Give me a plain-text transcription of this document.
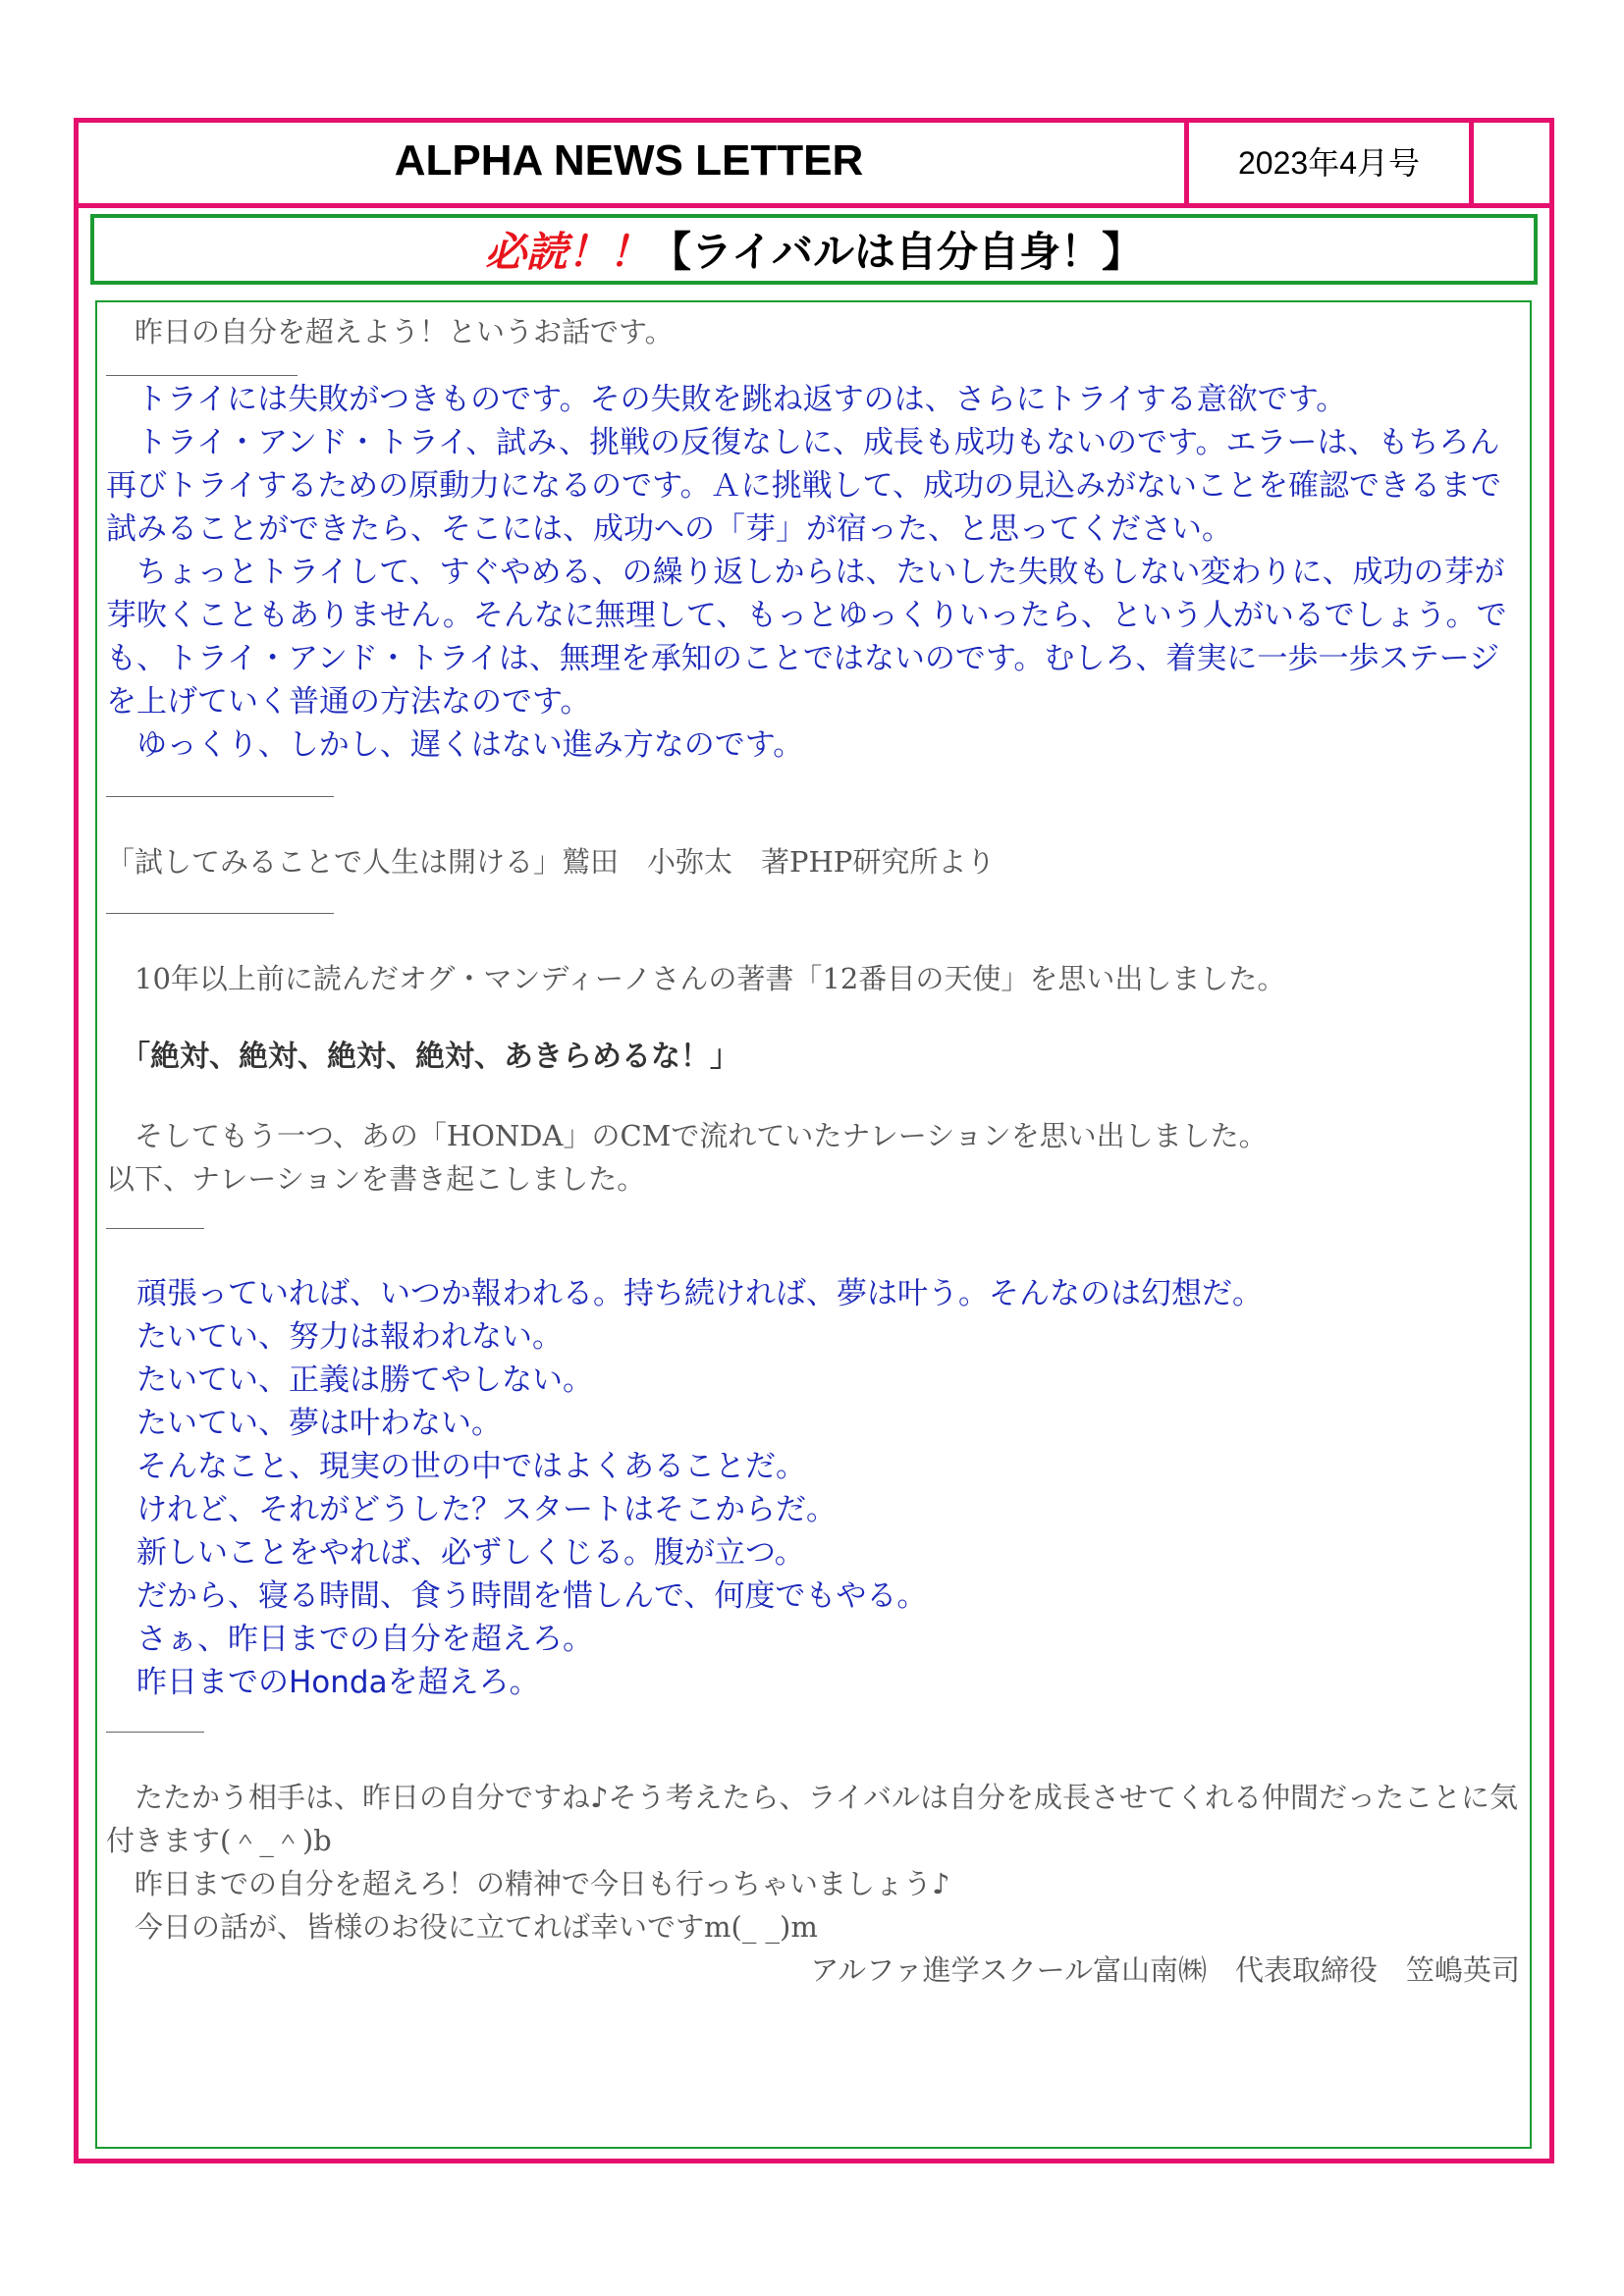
ALPHA NEWS LETTER	2023年4月号
必読！！ 【ライバルは自分自身！】

　昨日の自分を超えよう！というお話です。

　トライには失敗がつきものです。その失敗を跳ね返すのは、さらにトライする意欲です。

　トライ・アンド・トライ、試み、挑戦の反復なしに、成長も成功もないのです。エラーは、もちろん再びトライするための原動力になるのです。Ａに挑戦して、成功の見込みがないことを確認できるまで試みることができたら、そこには、成功への「芽」が宿った、と思ってください。

　ちょっとトライして、すぐやめる、の繰り返しからは、たいした失敗もしない変わりに、成功の芽が芽吹くこともありません。そんなに無理して、もっとゆっくりいったら、という人がいるでしょう。でも、トライ・アンド・トライは、無理を承知のことではないのです。むしろ、着実に一歩一歩ステージを上げていく普通の方法なのです。

　ゆっくり、しかし、遅くはない進み方なのです。

「試してみることで人生は開ける」鷲田　小弥太　著PHP研究所より

　10年以上前に読んだオグ・マンディーノさんの著書「12番目の天使」を思い出しました。

　「絶対、絶対、絶対、絶対、あきらめるな！」

　そしてもう一つ、あの「HONDA」のCMで流れていたナレーションを思い出しました。
以下、ナレーションを書き起こしました。

　頑張っていれば、いつか報われる。持ち続ければ、夢は叶う。そんなのは幻想だ。

　たいてい、努力は報われない。

　たいてい、正義は勝てやしない。

　たいてい、夢は叶わない。

　そんなこと、現実の世の中ではよくあることだ。

　けれど、それがどうした？スタートはそこからだ。

　新しいことをやれば、必ずしくじる。腹が立つ。

　だから、寝る時間、食う時間を惜しんで、何度でもやる。

　さぁ、昨日までの自分を超えろ。

　昨日までのHondaを超えろ。

　たたかう相手は、昨日の自分ですね♪そう考えたら、ライバルは自分を成長させてくれる仲間だったことに気付きます(＾_＾)b

　昨日までの自分を超えろ！の精神で今日も行っちゃいましょう♪

　今日の話が、皆様のお役に立てれば幸いですm(_ _)m

アルファ進学スクール富山南㈱　代表取締役　笠嶋英司
